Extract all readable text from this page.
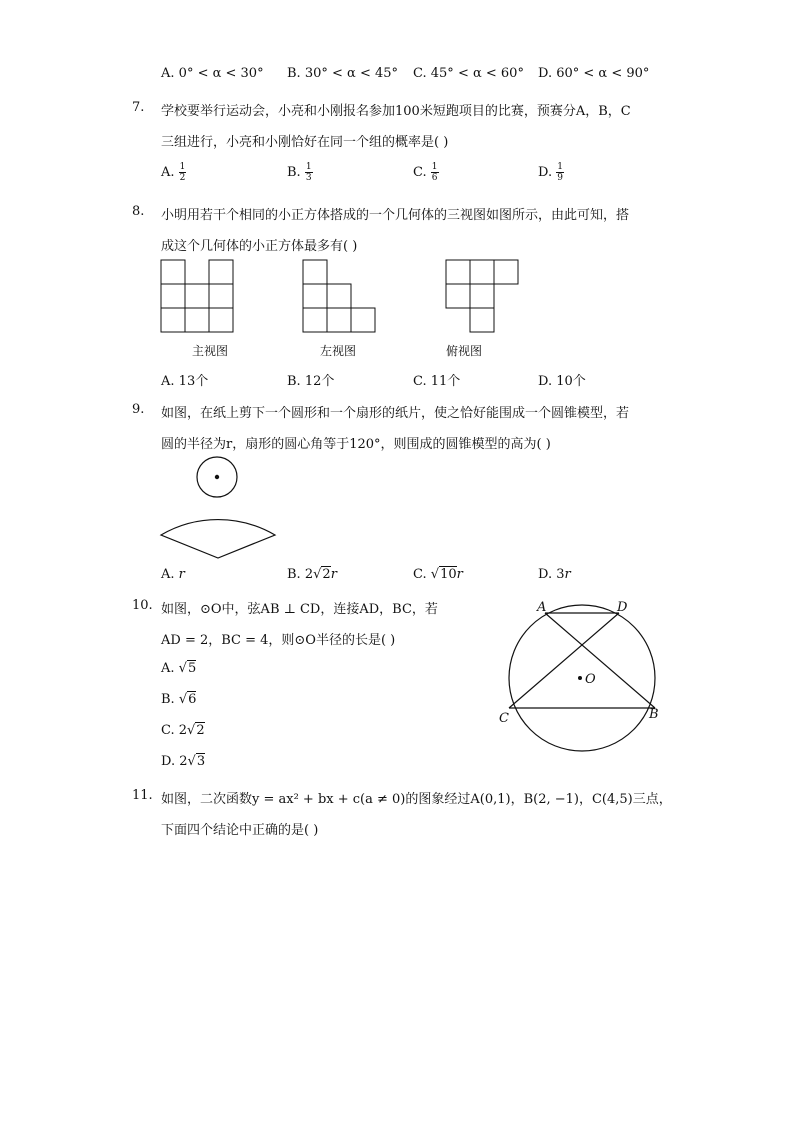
A. 0° < α < 30° B. 30° < α < 45° C. 45° < α < 60° D. 60° < α < 90°
7. 学校要举行运动会，小亮和小刚报名参加100米短跑项目的比赛，预赛分A，B，C
三组进行，小亮和小刚恰好在同一个组的概率是( )
A. $\frac{1}{2}$	B. $\frac{1}{3}$	C. $\frac{1}{6}$	D. $\frac{1}{9}$
8. 小明用若干个相同的小正方体搭成的一个几何体的三视图如图所示，由此可知，搭
成这个几何体的小正方体最多有( )
主视图	左视图	俯视图
A. 13个	B. 12个	C. 11个	D. 10个
9. 如图，在纸上剪下一个圆形和一个扇形的纸片，使之恰好能围成一个圆锥模型，若
圆的半径为r，扇形的圆心角等于120°，则围成的圆锥模型的高为( )
A. r	B. 2√2r	C. √10r	D. 3r
10. 如图，⊙O中，弦AB ⊥ CD，连接AD，BC，若
AD = 2，BC = 4，则⊙O半径的长是( )
A. √5
B. √6
C. 2√2
D. 2√3
A	D
O
C	B
11. 如图，二次函数y = ax² + bx + c(a ≠ 0)的图象经过A(0,1)，B(2, −1)，C(4,5)三点，
下面四个结论中正确的是( )
